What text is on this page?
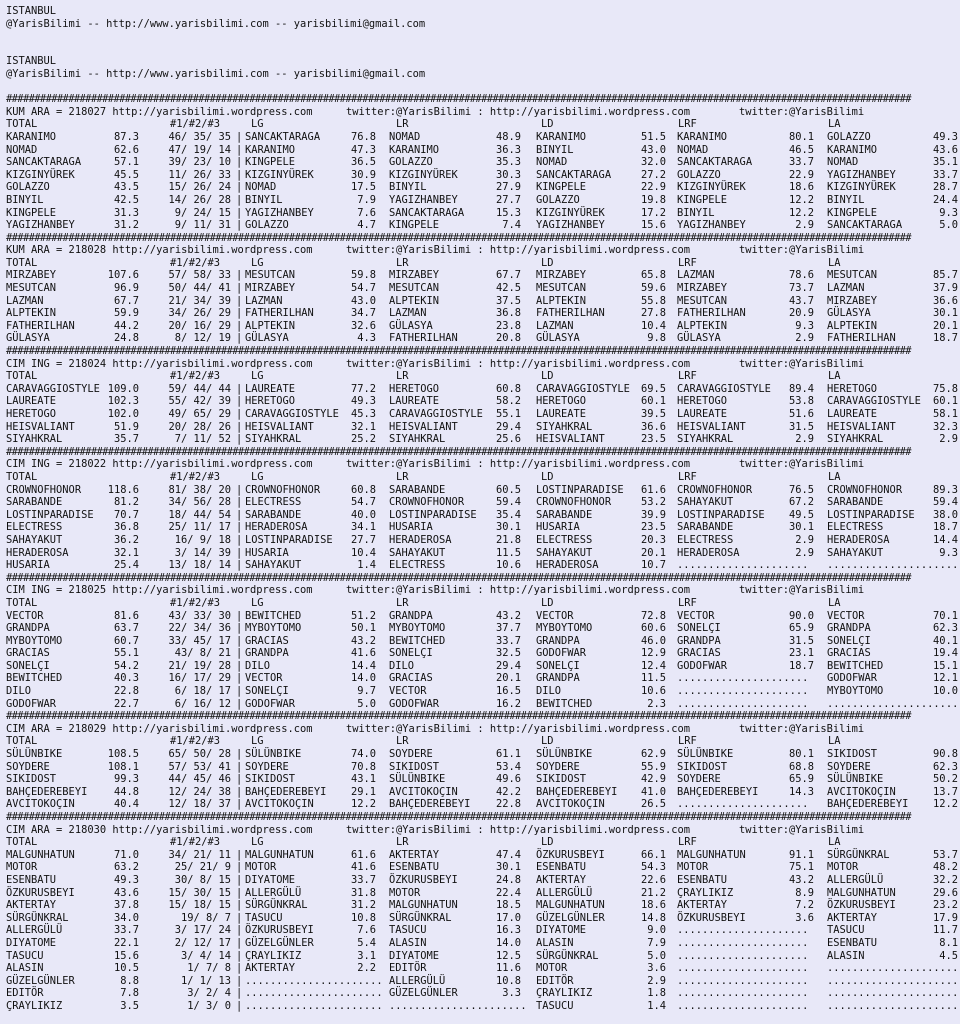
ISTANBUL
@YarisBilimi -- http://www.yarisbilimi.com -- yarisbilimi@gmail.com
ISTANBUL
@YarisBilimi -- http://www.yarisbilimi.com -- yarisbilimi@gmail.com
################################################################################################################################################################
KUM ARA = 218027 http://yarisbilimi.wordpress.com	twitter:@YarisBilimi : http://yarisbilimi.wordpress.com	twitter:@YarisBilimi
TOTAL	#1/#2/#3	LG	LR	LD	LRF	LA
KARANIMO	87.3	46/ 35/ 35 | SANCAKTARAGA	76.8 NOMAD	48.9 KARANIMO	51.5 KARANIMO	80.1 GOLAZZO	49.3
NOMAD	62.6	47/ 19/ 14 | KARANIMO	47.3 KARANIMO	36.3 BINYIL	43.0 NOMAD	46.5 KARANIMO	43.6
SANCAKTARAGA	57.1	39/ 23/ 10 | KINGPELE	36.5 GOLAZZO	35.3 NOMAD	32.0 SANCAKTARAGA	33.7 NOMAD	35.1
KIZGINYÜREK	45.5	11/ 26/ 33 | KIZGINYÜREK	30.9 KIZGINYÜREK	30.3 SANCAKTARAGA	27.2 GOLAZZO	22.9 YAGIZHANBEY	33.7
GOLAZZO	43.5	15/ 26/ 24 | NOMAD	17.5 BINYIL	27.9 KINGPELE	22.9 KIZGINYÜREK	18.6 KIZGINYÜREK	28.7
BINYIL	42.5	14/ 26/ 28 | BINYIL	7.9 YAGIZHANBEY	27.7 GOLAZZO	19.8 KINGPELE	12.2 BINYIL	24.4
KINGPELE	31.3	9/ 24/ 15 | YAGIZHANBEY	7.6 SANCAKTARAGA	15.3 KIZGINYÜREK	17.2 BINYIL	12.2 KINGPELE	9.3
YAGIZHANBEY	31.2	9/ 11/ 31 | GOLAZZO	4.7 KINGPELE	7.4 YAGIZHANBEY	15.6 YAGIZHANBEY	2.9 SANCAKTARAGA	5.0
################################################################################################################################################################
KUM ARA = 218028 http://yarisbilimi.wordpress.com	twitter:@YarisBilimi : http://yarisbilimi.wordpress.com	twitter:@YarisBilimi
TOTAL	#1/#2/#3	LG	LR	LD	LRF	LA
MIRZABEY	107.6	57/ 58/ 33 | MESUTCAN	59.8 MIRZABEY	67.7 MIRZABEY	65.8 LAZMAN	78.6 MESUTCAN	85.7
MESUTCAN	96.9	50/ 44/ 41 | MIRZABEY	54.7 MESUTCAN	42.5 MESUTCAN	59.6 MIRZABEY	73.7 LAZMAN	37.9
LAZMAN	67.7	21/ 34/ 39 | LAZMAN	43.0 ALPTEKIN	37.5 ALPTEKIN	55.8 MESUTCAN	43.7 MIRZABEY	36.6
ALPTEKIN	59.9	34/ 26/ 29 | FATHERILHAN	34.7 LAZMAN	36.8 FATHERILHAN	27.8 FATHERILHAN	20.9 GÜLASYA	30.1
FATHERILHAN	44.2	20/ 16/ 29 | ALPTEKIN	32.6 GÜLASYA	23.8 LAZMAN	10.4 ALPTEKIN	9.3 ALPTEKIN	20.1
GÜLASYA	24.8	8/ 12/ 19 | GÜLASYA	4.3 FATHERILHAN	20.8 GÜLASYA	9.8 GÜLASYA	2.9 FATHERILHAN	18.7
################################################################################################################################################################
CIM ING = 218024 http://yarisbilimi.wordpress.com	twitter:@YarisBilimi : http://yarisbilimi.wordpress.com	twitter:@YarisBilimi
TOTAL	#1/#2/#3	LG	LR	LD	LRF	LA
CARAVAGGIOSTYLE 109.0	59/ 44/ 44 | LAUREATE	77.2 HERETOGO	60.8 CARAVAGGIOSTYLE 69.5 CARAVAGGIOSTYLE 89.4 HERETOGO	75.8
LAUREATE	102.3	55/ 42/ 39 | HERETOGO	49.3 LAUREATE	58.2 HERETOGO	60.1 HERETOGO	53.8 CARAVAGGIOSTYLE 60.1
HERETOGO	102.0	49/ 65/ 29 | CARAVAGGIOSTYLE 45.3 CARAVAGGIOSTYLE 55.1 LAUREATE	39.5 LAUREATE	51.6 LAUREATE	58.1
HEISVALIANT	51.9	20/ 28/ 26 | HEISVALIANT	32.1 HEISVALIANT	29.4 SIYAHKRAL	36.6 HEISVALIANT	31.5 HEISVALIANT	32.3
SIYAHKRAL	35.7	7/ 11/ 52 | SIYAHKRAL	25.2 SIYAHKRAL	25.6 HEISVALIANT	23.5 SIYAHKRAL	2.9 SIYAHKRAL	2.9
################################################################################################################################################################
CIM ING = 218022 http://yarisbilimi.wordpress.com	twitter:@YarisBilimi : http://yarisbilimi.wordpress.com	twitter:@YarisBilimi
TOTAL	#1/#2/#3	LG	LR	LD	LRF	LA
CROWNOFHONOR	118.6	81/ 38/ 20 | CROWNOFHONOR	60.8 SARABANDE	60.5 LOSTINPARADISE 61.6 CROWNOFHONOR	76.5 CROWNOFHONOR	89.3
SARABANDE	81.2	34/ 56/ 28 | ELECTRESS	54.7 CROWNOFHONOR	59.4 CROWNOFHONOR	53.2 SAHAYAKUT	67.2 SARABANDE	59.4
LOSTINPARADISE 70.7	18/ 44/ 54 | SARABANDE	40.0 LOSTINPARADISE 35.4 SARABANDE	39.9 LOSTINPARADISE 49.5 LOSTINPARADISE 38.0
ELECTRESS	36.8	25/ 11/ 17 | HERADEROSA	34.1 HUSARIA	30.1 HUSARIA	23.5 SARABANDE	30.1 ELECTRESS	18.7
SAHAYAKUT	36.2	16/ 9/ 18 | LOSTINPARADISE 27.7 HERADEROSA	21.8 ELECTRESS	20.3 ELECTRESS	2.9 HERADEROSA	14.4
HERADEROSA	32.1	3/ 14/ 39 | HUSARIA	10.4 SAHAYAKUT	11.5 SAHAYAKUT	20.1 HERADEROSA	2.9 SAHAYAKUT	9.3
HUSARIA	25.4	13/ 18/ 14 | SAHAYAKUT	1.4 ELECTRESS	10.6 HERADEROSA	10.7 ..................... .....................
################################################################################################################################################################
CIM ING = 218025 http://yarisbilimi.wordpress.com	twitter:@YarisBilimi : http://yarisbilimi.wordpress.com	twitter:@YarisBilimi
TOTAL	#1/#2/#3	LG	LR	LD	LRF	LA
VECTOR	81.6	43/ 33/ 30 | BEWITCHED	51.2 GRANDPA	43.2 VECTOR	72.8 VECTOR	90.0 VECTOR	70.1
GRANDPA	63.7	22/ 34/ 36 | MYBOYTOMO	50.1 MYBOYTOMO	37.7 MYBOYTOMO	60.6 SONELÇI	65.9 GRANDPA	62.3
MYBOYTOMO	60.7	33/ 45/ 17 | GRACIAS	43.2 BEWITCHED	33.7 GRANDPA	46.0 GRANDPA	31.5 SONELÇI	40.1
GRACIAS	55.1	43/ 8/ 21 | GRANDPA	41.6 SONELÇI	32.5 GODOFWAR	12.9 GRACIAS	23.1 GRACIAS	19.4
SONELÇI	54.2	21/ 19/ 28 | DILO	14.4 DILO	29.4 SONELÇI	12.4 GODOFWAR	18.7 BEWITCHED	15.1
BEWITCHED	40.3	16/ 17/ 29 | VECTOR	14.0 GRACIAS	20.1 GRANDPA	11.5 ..................... GODOFWAR	12.1
DILO	22.8	6/ 18/ 17 | SONELÇI	9.7 VECTOR	16.5 DILO	10.6 ..................... MYBOYTOMO	10.0
GODOFWAR	22.7	6/ 16/ 12 | GODOFWAR	5.0 GODOFWAR	16.2 BEWITCHED	2.3 ..................... .....................
################################################################################################################################################################
CIM ARA = 218029 http://yarisbilimi.wordpress.com	twitter:@YarisBilimi : http://yarisbilimi.wordpress.com	twitter:@YarisBilimi
TOTAL	#1/#2/#3	LG	LR	LD	LRF	LA
SÜLÜNBIKE	108.5	65/ 50/ 28 | SÜLÜNBIKE	74.0 SOYDERE	61.1 SÜLÜNBIKE	62.9 SÜLÜNBIKE	80.1 SIKIDOST	90.8
SOYDERE	108.1	57/ 53/ 41 | SOYDERE	70.8 SIKIDOST	53.4 SOYDERE	55.9 SIKIDOST	68.8 SOYDERE	62.3
SIKIDOST	99.3	44/ 45/ 46 | SIKIDOST	43.1 SÜLÜNBIKE	49.6 SIKIDOST	42.9 SOYDERE	65.9 SÜLÜNBIKE	50.2
BAHÇEDEREBEYI	44.8	12/ 24/ 38 | BAHÇEDEREBEYI 29.1 AVCITOKOÇIN	42.2 BAHÇEDEREBEYI 41.0 BAHÇEDEREBEYI	14.3 AVCITOKOÇIN	13.7
AVCITOKOÇIN	40.4	12/ 18/ 37 | AVCITOKOÇIN	12.2 BAHÇEDEREBEYI 22.8 AVCITOKOÇIN	26.5 ..................... BAHÇEDEREBEYI 12.2
################################################################################################################################################################
CIM ARA = 218030 http://yarisbilimi.wordpress.com	twitter:@YarisBilimi : http://yarisbilimi.wordpress.com	twitter:@YarisBilimi
TOTAL	#1/#2/#3	LG	LR	LD	LRF	LA
MALGUNHATUN	71.0	34/ 21/ 11 | MALGUNHATUN	61.6 AKTERTAY	47.4 ÖZKURUSBEYI	66.1 MALGUNHATUN	91.1 SÜRGÜNKRAL	53.7
MOTOR	63.2	25/ 21/ 9 | MOTOR	41.6 ESENBATU	30.1 ESENBATU	54.3 MOTOR	75.1 MOTOR	48.2
ESENBATU	49.3	30/ 8/ 15 | DIYATOME	33.7 ÖZKURUSBEYI	24.8 AKTERTAY	22.6 ESENBATU	43.2 ALLERGÜLÜ	32.2
ÖZKURUSBEYI	43.6	15/ 30/ 15 | ALLERGÜLÜ	31.8 MOTOR	22.4 ALLERGÜLÜ	21.2 ÇRAYLIKIZ	8.9 MALGUNHATUN	29.6
AKTERTAY	37.8	15/ 18/ 15 | SÜRGÜNKRAL	31.2 MALGUNHATUN	18.5 MALGUNHATUN	18.6 AKTERTAY	7.2 ÖZKURUSBEYI	23.2
SÜRGÜNKRAL	34.0	19/ 8/ 7 | TASUCU	10.8 SÜRGÜNKRAL	17.0 GÜZELGÜNLER	14.8 ÖZKURUSBEYI	3.6 AKTERTAY	17.9
ALLERGÜLÜ	33.7	3/ 17/ 24 | ÖZKURUSBEYI	7.6 TASUCU	16.3 DIYATOME	9.0 ..................... TASUCU	11.7
DIYATOME	22.1	2/ 12/ 17 | GÜZELGÜNLER	5.4 ALASIN	14.0 ALASIN	7.9 ..................... ESENBATU	8.1
TASUCU	15.6	3/ 4/ 14 | ÇRAYLIKIZ	3.1 DIYATOME	12.5 SÜRGÜNKRAL	5.0 ..................... ALASIN	4.5
ALASIN	10.5	1/ 7/ 8 | AKTERTAY	2.2 EDITÖR	11.6 MOTOR	3.6 ..................... .....................
GÜZELGÜNLER	8.8	1/ 1/ 13 | ...................... ALLERGÜLÜ	10.8 EDITÖR	2.9 ..................... .....................
EDITÖR	7.8	3/ 2/ 4 | ...................... GÜZELGÜNLER	3.3 ÇRAYLIKIZ	1.8 ..................... .....................
ÇRAYLIKIZ	3.5	1/ 3/ 0 | ...................... ...................... TASUCU	1.4 ..................... .....................
